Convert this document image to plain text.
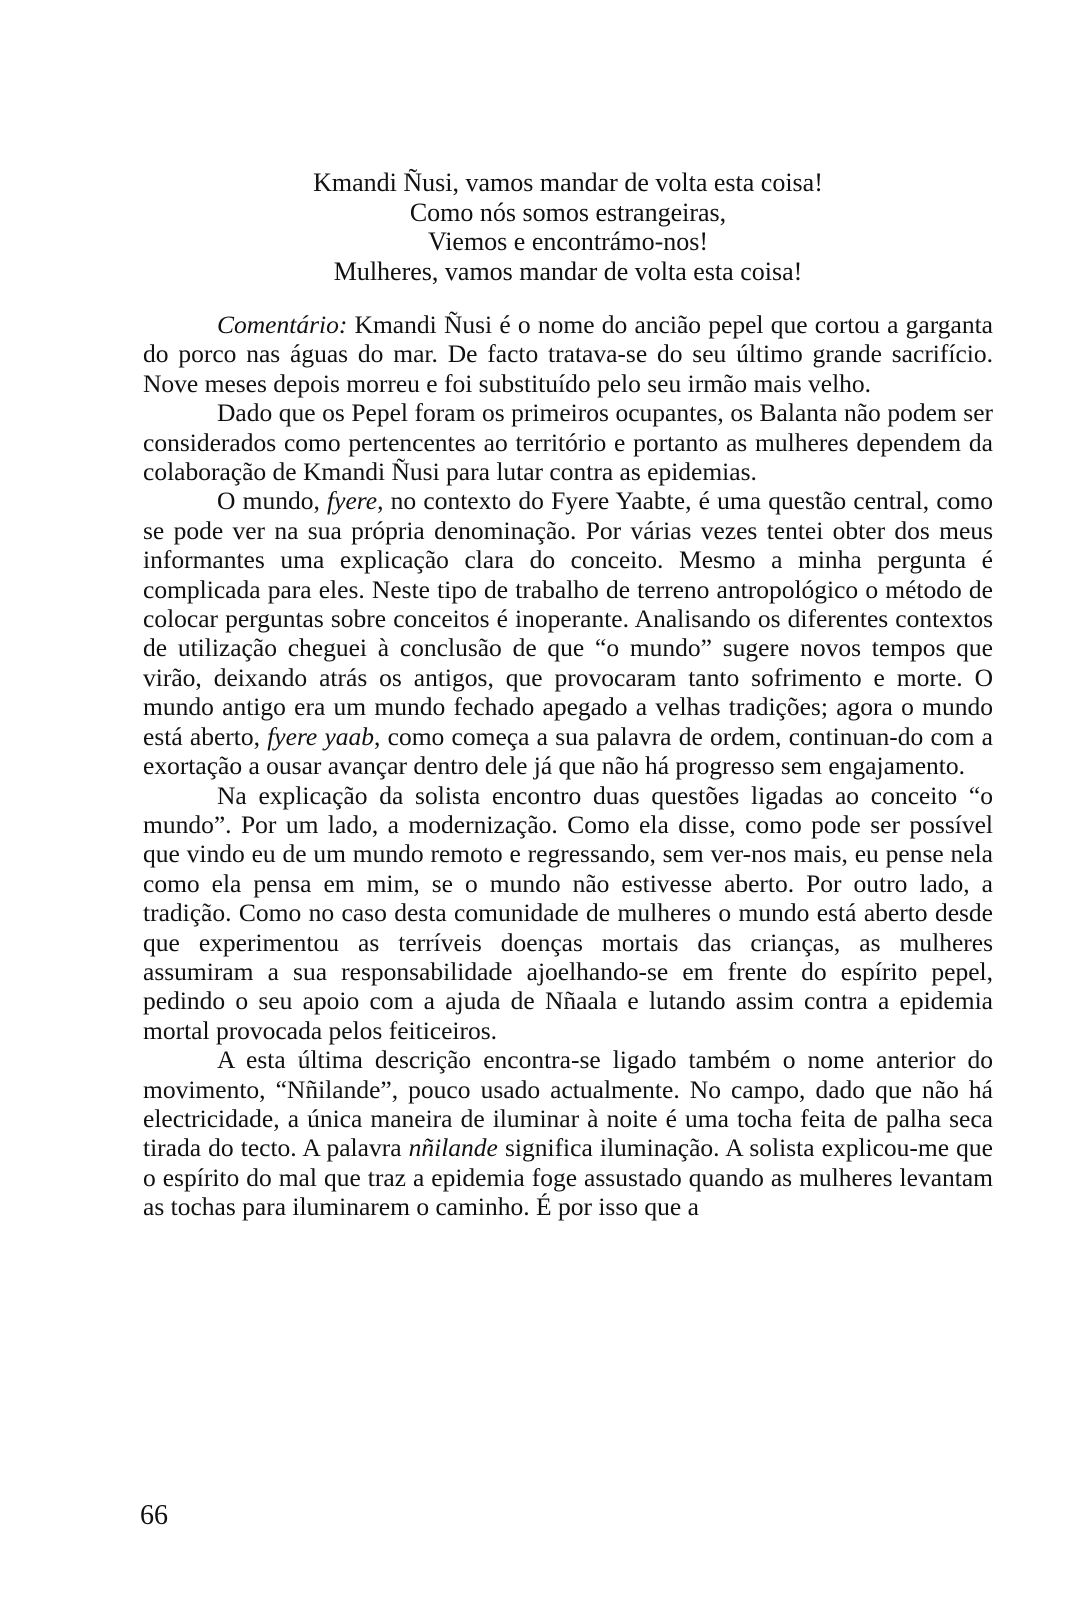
Kmandi Ñusi, vamos mandar de volta esta coisa!
Como nós somos estrangeiras,
Viemos e encontrámo-nos!
Mulheres, vamos mandar de volta esta coisa!

Comentário: Kmandi Ñusi é o nome do ancião pepel que cortou a garganta do porco nas águas do mar. De facto tratava-se do seu último grande sacrifício. Nove meses depois morreu e foi substituído pelo seu irmão mais velho.

Dado que os Pepel foram os primeiros ocupantes, os Balanta não podem ser considerados como pertencentes ao território e portanto as mulheres dependem da colaboração de Kmandi Ñusi para lutar contra as epidemias.

O mundo, fyere, no contexto do Fyere Yaabte, é uma questão central, como se pode ver na sua própria denominação. Por várias vezes tentei obter dos meus informantes uma explicação clara do conceito. Mesmo a minha pergunta é complicada para eles. Neste tipo de trabalho de terreno antropológico o método de colocar perguntas sobre conceitos é inoperante. Analisando os diferentes contextos de utilização cheguei à conclusão de que “o mundo” sugere novos tempos que virão, deixando atrás os antigos, que provocaram tanto sofrimento e morte. O mundo antigo era um mundo fechado apegado a velhas tradições; agora o mundo está aberto, fyere yaab, como começa a sua palavra de ordem, continuan-do com a exortação a ousar avançar dentro dele já que não há progresso sem engajamento.

Na explicação da solista encontro duas questões ligadas ao conceito “o mundo”. Por um lado, a modernização. Como ela disse, como pode ser possível que vindo eu de um mundo remoto e regressando, sem ver-nos mais, eu pense nela como ela pensa em mim, se o mundo não estivesse aberto. Por outro lado, a tradição. Como no caso desta comunidade de mulheres o mundo está aberto desde que experimentou as terríveis doenças mortais das crianças, as mulheres assumiram a sua responsabilidade ajoelhando-se em frente do espírito pepel, pedindo o seu apoio com a ajuda de Nñaala e lutando assim contra a epidemia mortal provocada pelos feiticeiros.

A esta última descrição encontra-se ligado também o nome anterior do movimento, “Nñilande”, pouco usado actualmente. No campo, dado que não há electricidade, a única maneira de iluminar à noite é uma tocha feita de palha seca tirada do tecto. A palavra nñilande significa iluminação. A solista explicou-me que o espírito do mal que traz a epidemia foge assustado quando as mulheres levantam as tochas para iluminarem o caminho. É por isso que a

66
